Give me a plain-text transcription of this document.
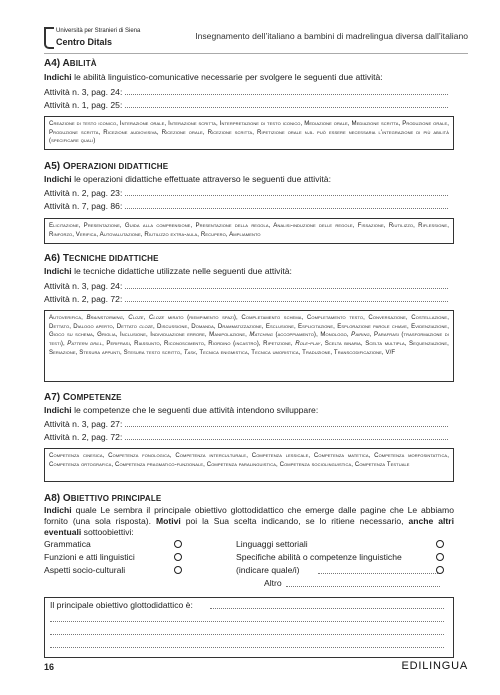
Università per Stranieri di Siena
Centro Ditals
Insegnamento dell’italiano a bambini di madrelingua diversa dall’italiano
A4) ABILITÀ
Indichi le abilità linguistico-comunicative necessarie per svolgere le seguenti due attività:
Attività n. 3, pag. 24:
Attività n. 1, pag. 25:
Creazione di testo iconico, Interazione orale, Interazione scritta, Interpretazione di testo iconico, Mediazione orale, Mediazione scritta, Produzione orale, Produzione scritta, Ricezione audiovisiva, Ricezione orale, Ricezione scritta, Ripetizione orale n.b. può essere necessaria l'integrazione di più abilità (specificare quali)
A5) OPERAZIONI DIDATTICHE
Indichi le operazioni didattiche effettuate attraverso le seguenti due attività:
Attività n. 2, pag. 23:
Attività n. 7, pag. 86:
Elicitazione, Presentazione, Guida alla comprensione, Presentazione della regola, Analisi-induzione delle regole, Fissazione, Riutilizzo, Riflessione, Rinforzo, Verifica, Autovalutazione, Riutilizzo extra-aula, Recupero, Ampliamento
A6) TECNICHE DIDATTICHE
Indichi le tecniche didattiche utilizzate nelle seguenti due attività:
Attività n. 3, pag. 24:
Attività n. 2, pag. 72:
Autoverifica, Brainstorming, Cloze, Cloze mirato (riempimento spazi), Completamento schema, Completamento testo, Conversazione, Costellazione, Dettato, Dialogo aperto, Dettato cloze, Discussione, Domanda, Drammatizzazione, Esclusione, Esplicitazione, Esplorazione parole chiave, Evidenziazione, Gioco su schema, Griglia, Inclusione, Individuazione errore, Manipolazione, Matching (accoppiamento), Monologo, Pairing, Parafrasi (trasformazione di testi), Pattern drill, Perifrasi, Riassunto, Riconoscimento, Riordino (incastro), Ripetizione, Role-play, Scelta binaria, Scelta multipla, Sequenziazione, Seriazione, Stesura appunti, Stesura testo scritto, Task, Tecnica enigmistica, Tecnica umoristica, Traduzione, Transcodificazione, V/F
A7) COMPETENZE
Indichi le competenze che le seguenti due attività intendono sviluppare:
Attività n. 3, pag. 27:
Attività n. 2, pag. 72:
Competenza cinesica, Competenza fonologica, Competenza interculturale, Competenza lessicale, Competenza matetica, Competenza morfosintattica, Competenza ortografica, Competenza pragmatico-funzionale, Competenza paralinguistica, Competenza sociolinguistica, Competenza Testuale
A8) OBIETTIVO PRINCIPALE
Indichi quale Le sembra il principale obiettivo glottodidattico che emerge dalle pagine che Le abbiamo fornito (una sola risposta). Motivi poi la Sua scelta indicando, se lo ritiene necessario, anche altri eventuali sottoobiettivi:
Grammatica
Funzioni e atti linguistici
Aspetti socio-culturali
Linguaggi settoriali
Specifiche abilità o competenze linguistiche
(indicare quale/i)
Altro
Il principale obiettivo glottodidattico è:
16	EDILINGUA
